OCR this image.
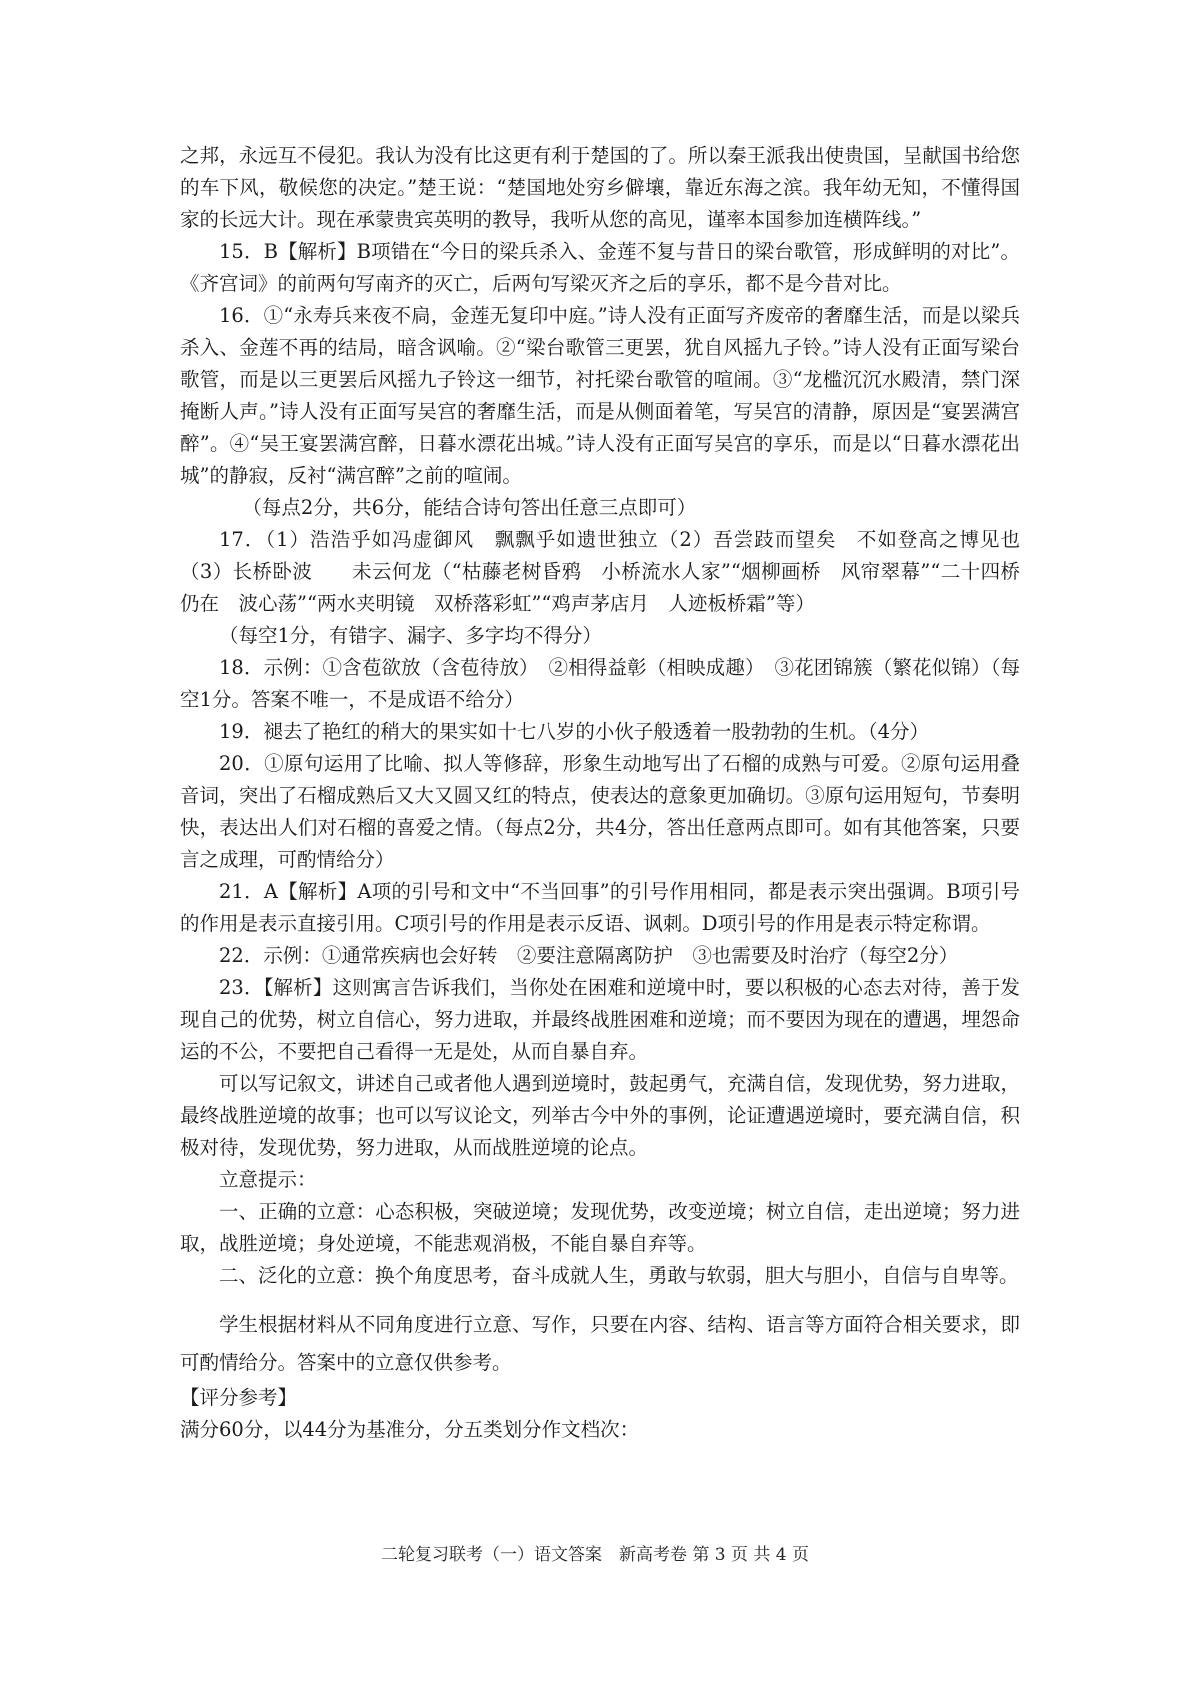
之邦，永远互不侵犯。我认为没有比这更有利于楚国的了。所以秦王派我出使贵国，呈献国书给您的车下风，敬候您的决定。”楚王说：“楚国地处穷乡僻壤，靠近东海之滨。我年幼无知，不懂得国家的长远大计。现在承蒙贵宾英明的教导，我听从您的高见，谨率本国参加连横阵线。”

15．B【解析】B项错在“今日的梁兵杀入、金莲不复与昔日的梁台歌管，形成鲜明的对比”。《齐宫词》的前两句写南齐的灭亡，后两句写梁灭齐之后的享乐，都不是今昔对比。

16．①“永寿兵来夜不扃，金莲无复印中庭。”诗人没有正面写齐废帝的奢靡生活，而是以梁兵杀入、金莲不再的结局，暗含讽喻。②“梁台歌管三更罢，犹自风摇九子铃。”诗人没有正面写梁台歌管，而是以三更罢后风摇九子铃这一细节，衬托梁台歌管的喧闹。③“龙槛沉沉水殿清，禁门深掩断人声。”诗人没有正面写吴宫的奢靡生活，而是从侧面着笔，写吴宫的清静，原因是“宴罢满宫醉”。④“吴王宴罢满宫醉，日暮水漂花出城。”诗人没有正面写吴宫的享乐，而是以“日暮水漂花出城”的静寂，反衬“满宫醉”之前的喧闹。

（每点2分，共6分，能结合诗句答出任意三点即可）

17．（1）浩浩乎如冯虚御风　飘飘乎如遗世独立（2）吾尝跂而望矣　不如登高之博见也（3）长桥卧波　　未云何龙（“枯藤老树昏鸦　小桥流水人家”“烟柳画桥　风帘翠幕”“二十四桥仍在　波心荡”“两水夹明镜　双桥落彩虹”“鸡声茅店月　人迹板桥霜”等）

（每空1分，有错字、漏字、多字均不得分）

18．示例：①含苞欲放（含苞待放）　②相得益彰（相映成趣）　③花团锦簇（繁花似锦）（每空1分。答案不唯一，不是成语不给分）

19．褪去了艳红的稍大的果实如十七八岁的小伙子般透着一股勃勃的生机。（4分）

20．①原句运用了比喻、拟人等修辞，形象生动地写出了石榴的成熟与可爱。②原句运用叠音词，突出了石榴成熟后又大又圆又红的特点，使表达的意象更加确切。③原句运用短句，节奏明快，表达出人们对石榴的喜爱之情。（每点2分，共4分，答出任意两点即可。如有其他答案，只要言之成理，可酌情给分）

21．A【解析】A项的引号和文中“不当回事”的引号作用相同，都是表示突出强调。B项引号的作用是表示直接引用。C项引号的作用是表示反语、讽刺。D项引号的作用是表示特定称谓。

22．示例：①通常疾病也会好转　②要注意隔离防护　③也需要及时治疗（每空2分）

23．【解析】这则寓言告诉我们，当你处在困难和逆境中时，要以积极的心态去对待，善于发现自己的优势，树立自信心，努力进取，并最终战胜困难和逆境；而不要因为现在的遭遇，埋怨命运的不公，不要把自己看得一无是处，从而自暴自弃。

可以写记叙文，讲述自己或者他人遇到逆境时，鼓起勇气，充满自信，发现优势，努力进取，最终战胜逆境的故事；也可以写议论文，列举古今中外的事例，论证遭遇逆境时，要充满自信，积极对待，发现优势，努力进取，从而战胜逆境的论点。

立意提示：

一、正确的立意：心态积极，突破逆境；发现优势，改变逆境；树立自信，走出逆境；努力进取，战胜逆境；身处逆境，不能悲观消极，不能自暴自弃等。

二、泛化的立意：换个角度思考，奋斗成就人生，勇敢与软弱，胆大与胆小，自信与自卑等。

学生根据材料从不同角度进行立意、写作，只要在内容、结构、语言等方面符合相关要求，即可酌情给分。答案中的立意仅供参考。

【评分参考】

满分60分，以44分为基准分，分五类划分作文档次：

二轮复习联考（一）语文答案　新高考卷 第 3 页 共 4 页
